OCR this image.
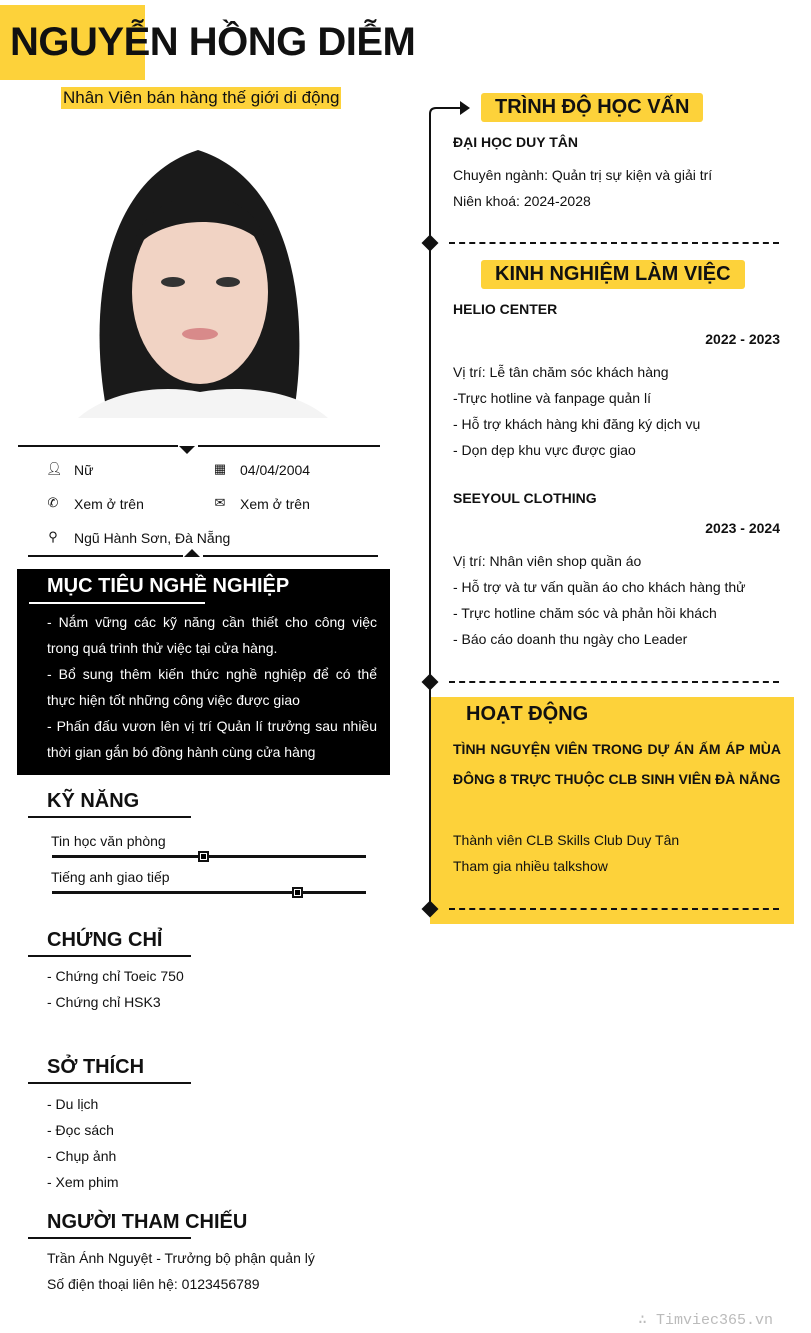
NGUYỄN HỒNG DIỄM
Nhân Viên bán hàng thế giới di động
👤︎ Nữ	▦ 04/04/2004
✆ Xem ở trên	✉ Xem ở trên
⚲ Ngũ Hành Sơn, Đà Nẵng
MỤC TIÊU NGHỀ NGHIỆP

- Nắm vững các kỹ năng cần thiết cho công việc trong quá trình thử việc tại cửa hàng.

- Bổ sung thêm kiến thức nghề nghiệp để có thể thực hiện tốt những công việc được giao

- Phấn đấu vươn lên vị trí Quản lí trưởng sau nhiều thời gian gắn bó đồng hành cùng cửa hàng

KỸ NĂNG
Tin học văn phòng
Tiếng anh giao tiếp
CHỨNG CHỈ
- Chứng chỉ Toeic 750
- Chứng chỉ HSK3
SỞ THÍCH
- Du lịch
- Đọc sách
- Chụp ảnh
- Xem phim
NGƯỜI THAM CHIẾU
Trần Ánh Nguyệt - Trưởng bộ phận quản lý
Số điện thoại liên hệ: 0123456789
TRÌNH ĐỘ HỌC VẤN
ĐẠI HỌC DUY TÂN
Chuyên ngành: Quản trị sự kiện và giải trí
Niên khoá: 2024-2028
KINH NGHIỆM LÀM VIỆC
HELIO CENTER
2022 - 2023
Vị trí: Lễ tân chăm sóc khách hàng
-Trực hotline và fanpage quản lí
- Hỗ trợ khách hàng khi đăng ký dịch vụ
- Dọn dẹp khu vực được giao
SEEYOUL CLOTHING
2023 - 2024
Vị trí: Nhân viên shop quần áo
- Hỗ trợ và tư vấn quần áo cho khách hàng thử
- Trực hotline chăm sóc và phản hồi khách
- Báo cáo doanh thu ngày cho Leader
HOẠT ĐỘNG
TÌNH NGUYỆN VIÊN TRONG DỰ ÁN ẤM ÁP MÙA ĐÔNG 8 TRỰC THUỘC CLB SINH VIÊN ĐÀ NẴNG
Thành viên CLB Skills Club Duy Tân
Tham gia nhiều talkshow
∴ Timviec365.vn
